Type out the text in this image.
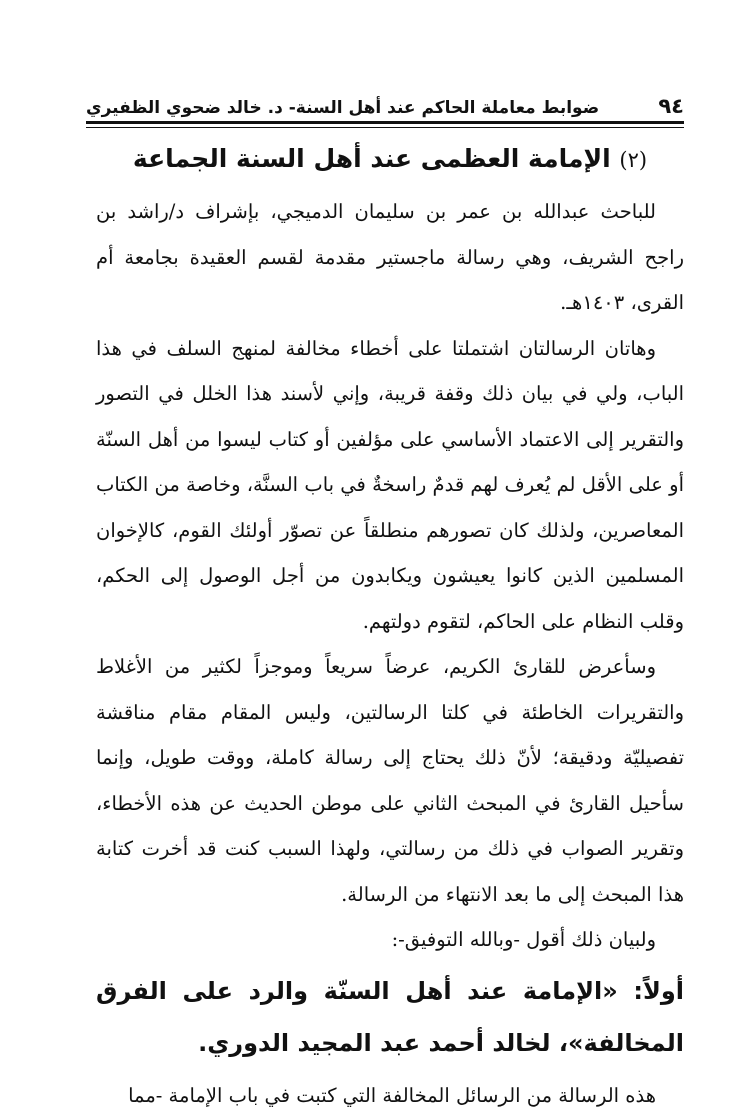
٩٤
ضوابط معاملة الحاكم عند أهل السنة- د. خالد ضحوي الظفيري
(٢) الإمامة العظمى عند أهل السنة الجماعة

للباحث عبدالله بن عمر بن سليمان الدميجي، بإشراف د/راشد بن راجح الشريف، وهي رسالة ماجستير مقدمة لقسم العقيدة بجامعة أم القرى، ١٤٠٣هـ.

وهاتان الرسالتان اشتملتا على أخطاء مخالفة لمنهج السلف في هذا الباب، ولي في بيان ذلك وقفة قريبة، وإني لأسند هذا الخلل في التصور والتقرير إلى الاعتماد الأساسي على مؤلفين أو كتاب ليسوا من أهل السنّة أو على الأقل لم يُعرف لهم قدمٌ راسخةٌ في باب السنَّة، وخاصة من الكتاب المعاصرين، ولذلك كان تصورهم منطلقاً عن تصوّر أولئك القوم، كالإخوان المسلمين الذين كانوا يعيشون ويكابدون من أجل الوصول إلى الحكم، وقلب النظام على الحاكم، لتقوم دولتهم.

وسأعرض للقارئ الكريم، عرضاً سريعاً وموجزاً لكثير من الأغلاط والتقريرات الخاطئة في كلتا الرسالتين، وليس المقام مقام مناقشة تفصيليّة ودقيقة؛ لأنّ ذلك يحتاج إلى رسالة كاملة، ووقت طويل، وإنما سأحيل القارئ في المبحث الثاني على موطن الحديث عن هذه الأخطاء، وتقرير الصواب في ذلك من رسالتي، ولهذا السبب كنت قد أخرت كتابة هذا المبحث إلى ما بعد الانتهاء من الرسالة.

ولبيان ذلك أقول -وبالله التوفيق-:

أولاً: «الإمامة عند أهل السنّة والرد على الفرق المخالفة»، لخالد أحمد عبد المجيد الدوري.

هذه الرسالة من الرسائل المخالفة التي كتبت في باب الإمامة -مما
